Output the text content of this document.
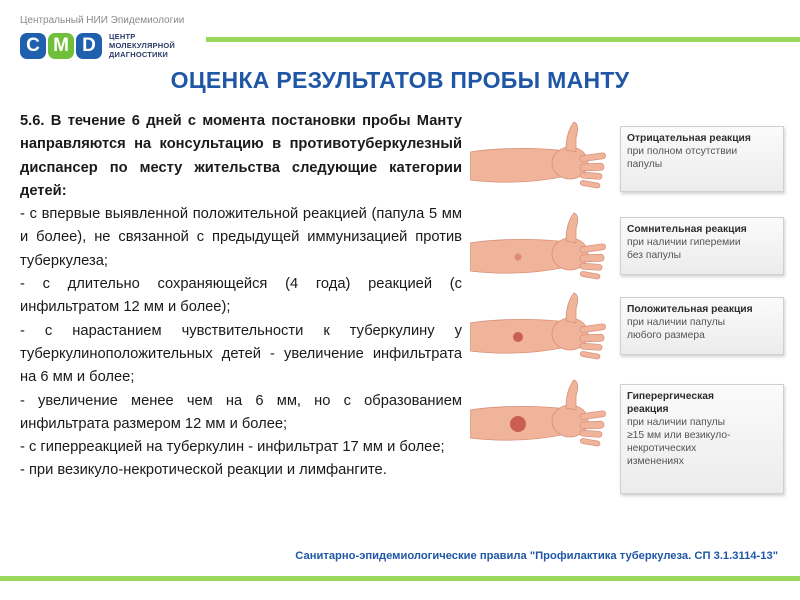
Центральный НИИ Эпидемиологии
C M D	ЦЕНТР
МОЛЕКУЛЯРНОЙ
ДИАГНОСТИКИ
ОЦЕНКА РЕЗУЛЬТАТОВ ПРОБЫ МАНТУ
5.6. В течение 6 дней с момента постановки пробы Манту направляются на консультацию в противотуберкулезный диспансер по месту жительства следующие категории детей:
- с впервые выявленной положительной реакцией (папула 5 мм и более), не связанной с предыдущей иммунизацией против туберкулеза;
- с длительно сохраняющейся (4 года) реакцией (с инфильтратом 12 мм и более);
- с нарастанием чувствительности к туберкулину у туберкулиноположительных детей - увеличение инфильтрата на 6 мм и более;
- увеличение менее чем на 6 мм, но с образованием инфильтрата размером 12 мм и более;
- с гиперреакцией на туберкулин - инфильтрат 17 мм и более;
- при везикуло-некротической реакции и лимфангите.
Отрицательная реакция
при полном отсутствии
папулы
Сомнительная реакция
при наличии гиперемии
без папулы
Положительная реакция
при наличии папулы
любого размера
Гиперергическая
реакция
при наличии папулы
≥15 мм или везикуло-
некротических
изменениях
Санитарно-эпидемиологические правила "Профилактика туберкулеза. СП 3.1.3114-13"
